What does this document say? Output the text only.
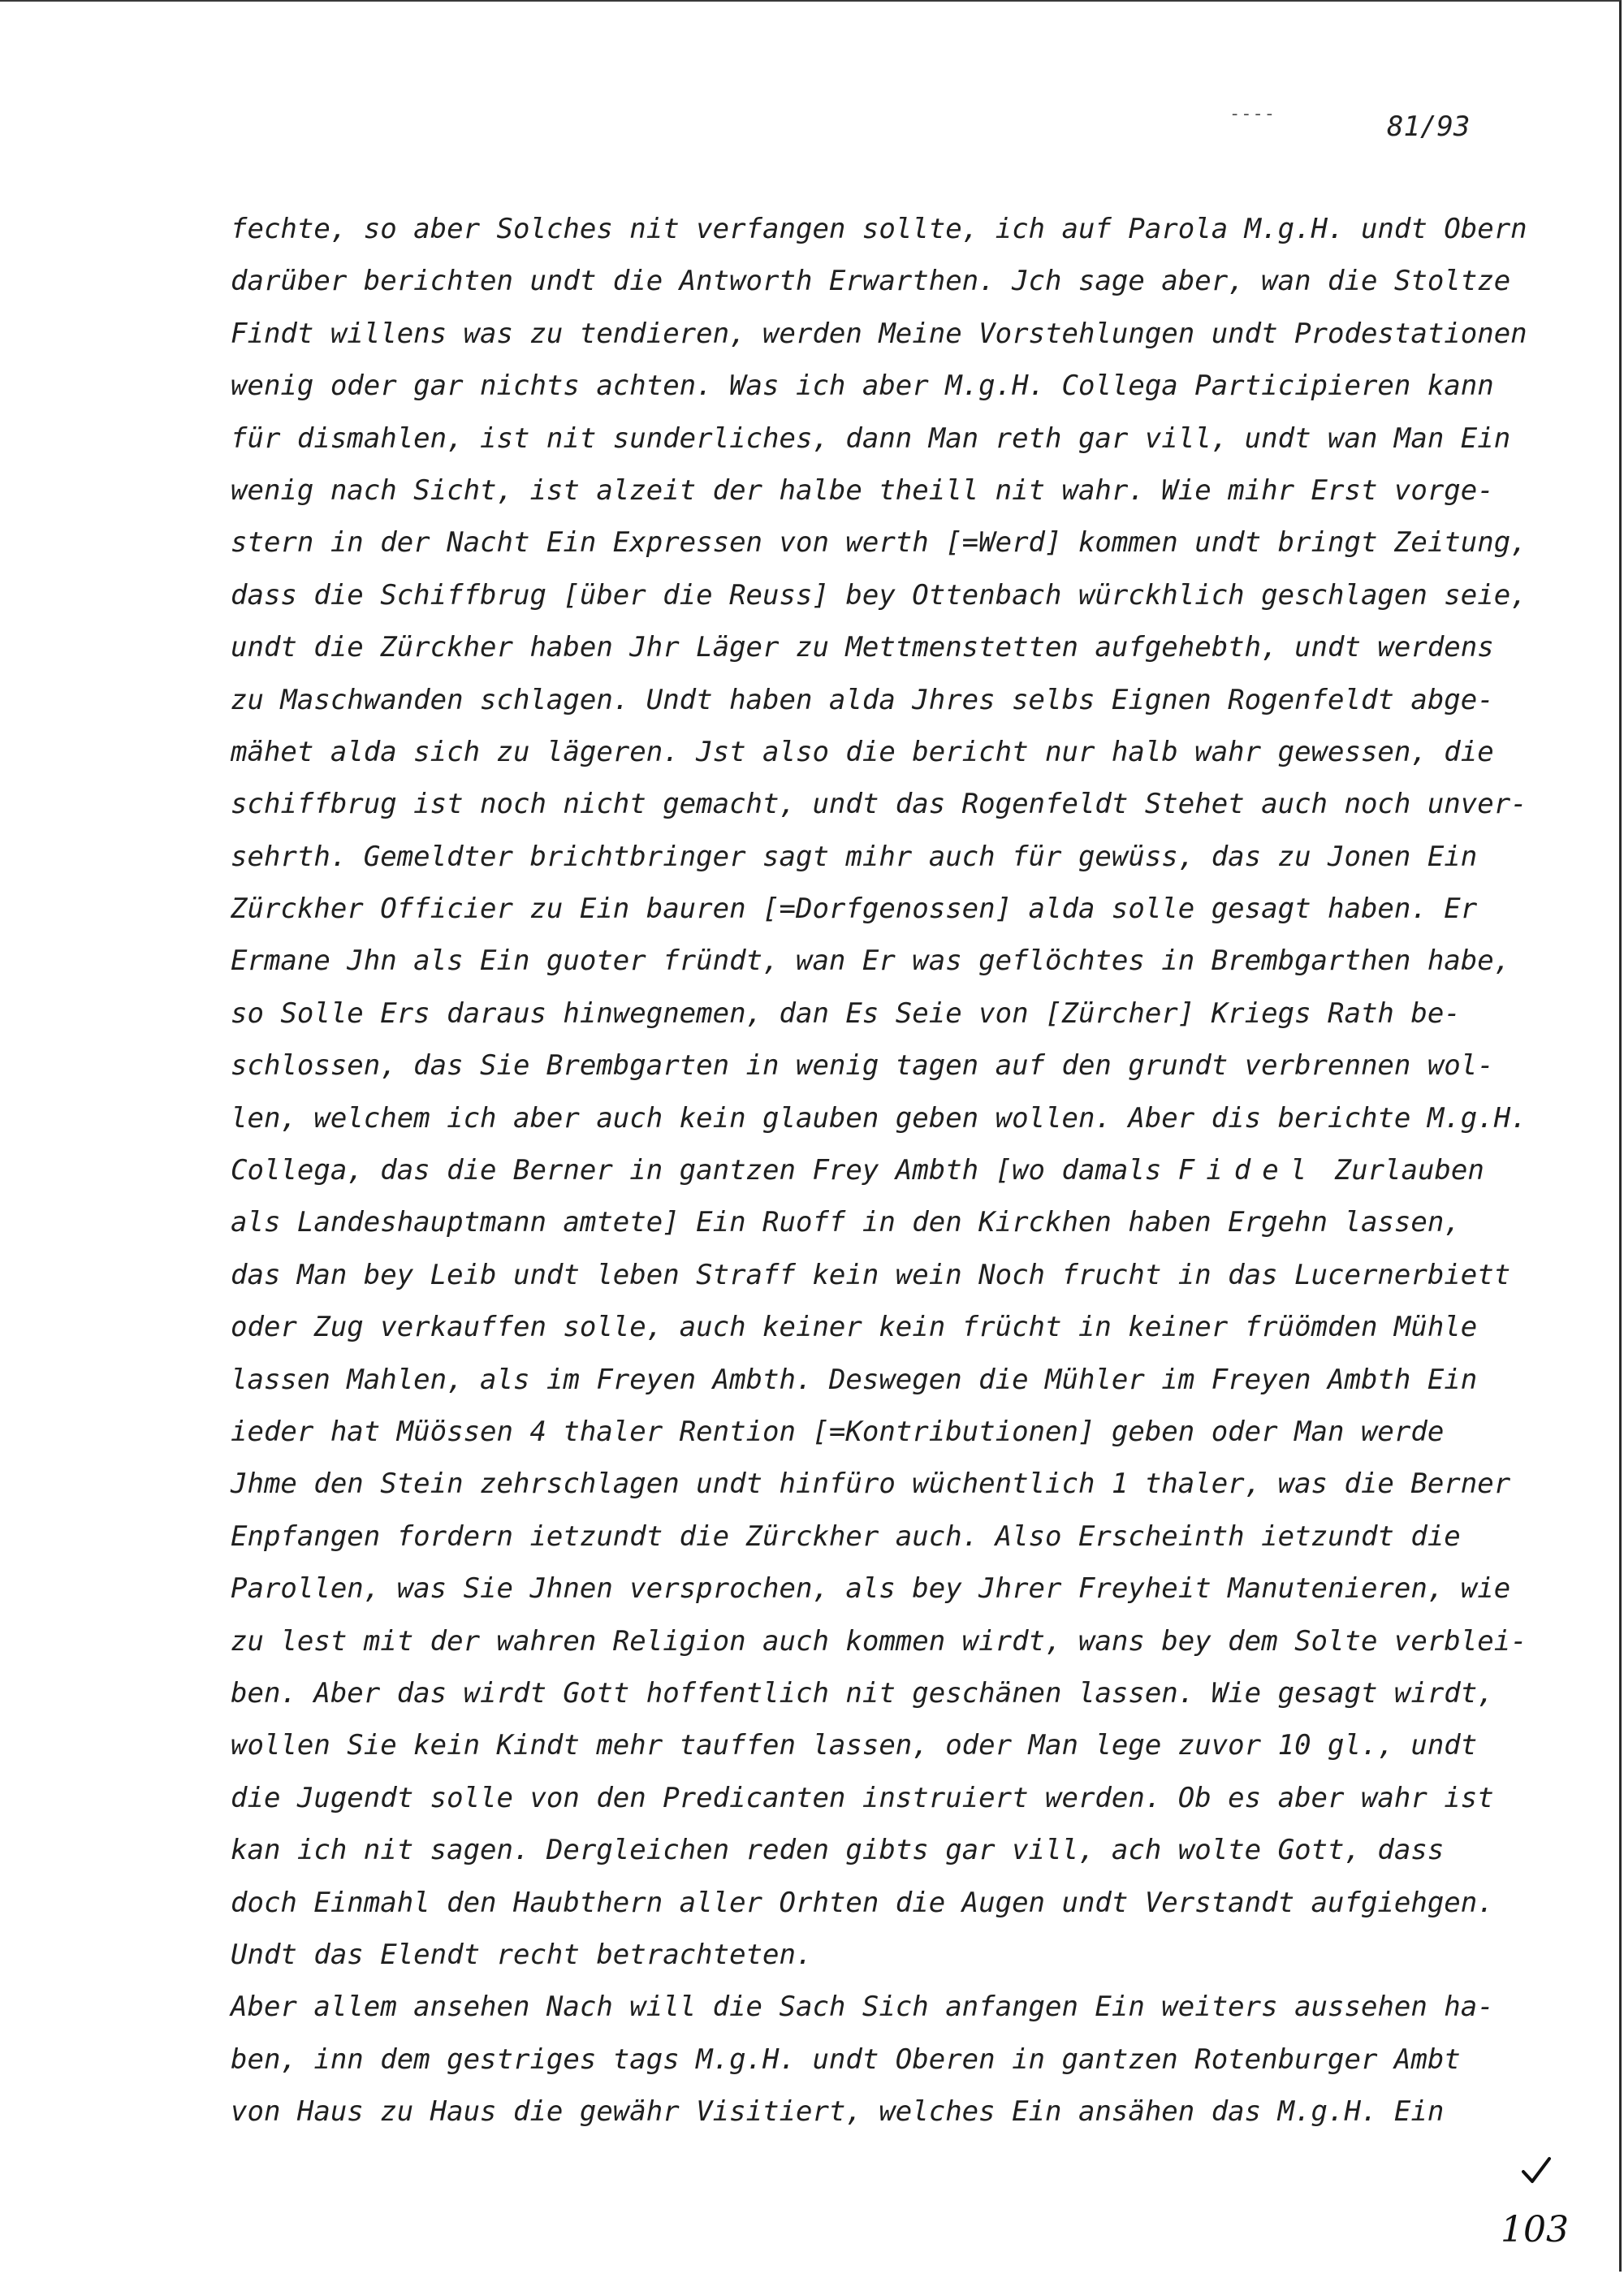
----	81/93
fechte, so aber Solches nit verfangen sollte, ich auf Parola M.g.H. undt Obern
darüber berichten undt die Antworth Erwarthen. Jch sage aber, wan die Stoltze
Findt willens was zu tendieren, werden Meine Vorstehlungen undt Prodestationen
wenig oder gar nichts achten. Was ich aber M.g.H. Collega Participieren kann
für dismahlen, ist nit sunderliches, dann Man reth gar vill, undt wan Man Ein
wenig nach Sicht, ist alzeit der halbe theill nit wahr. Wie mihr Erst vorge-
stern in der Nacht Ein Expressen von werth [=Werd] kommen undt bringt Zeitung,
dass die Schiffbrug [über die Reuss] bey Ottenbach würckhlich geschlagen seie,
undt die Zürckher haben Jhr Läger zu Mettmenstetten aufgehebth, undt werdens
zu Maschwanden schlagen. Undt haben alda Jhres selbs Eignen Rogenfeldt abge-
mähet alda sich zu lägeren. Jst also die bericht nur halb wahr gewessen, die
schiffbrug ist noch nicht gemacht, undt das Rogenfeldt Stehet auch noch unver-
sehrth. Gemeldter brichtbringer sagt mihr auch für gewüss, das zu Jonen Ein
Zürckher Officier zu Ein bauren [=Dorfgenossen] alda solle gesagt haben. Er
Ermane Jhn als Ein guoter fründt, wan Er was geflöchtes in Brembgarthen habe,
so Solle Ers daraus hinwegnemen, dan Es Seie von [Zürcher] Kriegs Rath be-
schlossen, das Sie Brembgarten in wenig tagen auf den grundt verbrennen wol-
len, welchem ich aber auch kein glauben geben wollen. Aber dis berichte M.g.H.
Collega, das die Berner in gantzen Frey Ambth [wo damals Fidel Zurlauben
als Landeshauptmann amtete] Ein Ruoff in den Kirckhen haben Ergehn lassen,
das Man bey Leib undt leben Straff kein wein Noch frucht in das Lucernerbiett
oder Zug verkauffen solle, auch keiner kein frücht in keiner früömden Mühle
lassen Mahlen, als im Freyen Ambth. Deswegen die Mühler im Freyen Ambth Ein
ieder hat Müössen 4 thaler Rention [=Kontributionen] geben oder Man werde
Jhme den Stein zehrschlagen undt hinfüro wüchentlich 1 thaler, was die Berner
Enpfangen fordern ietzundt die Zürckher auch. Also Erscheinth ietzundt die
Parollen, was Sie Jhnen versprochen, als bey Jhrer Freyheit Manutenieren, wie
zu lest mit der wahren Religion auch kommen wirdt, wans bey dem Solte verblei-
ben. Aber das wirdt Gott hoffentlich nit geschänen lassen. Wie gesagt wirdt,
wollen Sie kein Kindt mehr tauffen lassen, oder Man lege zuvor 10 gl., undt
die Jugendt solle von den Predicanten instruiert werden. Ob es aber wahr ist
kan ich nit sagen. Dergleichen reden gibts gar vill, ach wolte Gott, dass
doch Einmahl den Haubthern aller Orhten die Augen undt Verstandt aufgiehgen.
Undt das Elendt recht betrachteten.
Aber allem ansehen Nach will die Sach Sich anfangen Ein weiters aussehen ha-
ben, inn dem gestriges tags M.g.H. undt Oberen in gantzen Rotenburger Ambt
von Haus zu Haus die gewähr Visitiert, welches Ein ansähen das M.g.H. Ein
103
